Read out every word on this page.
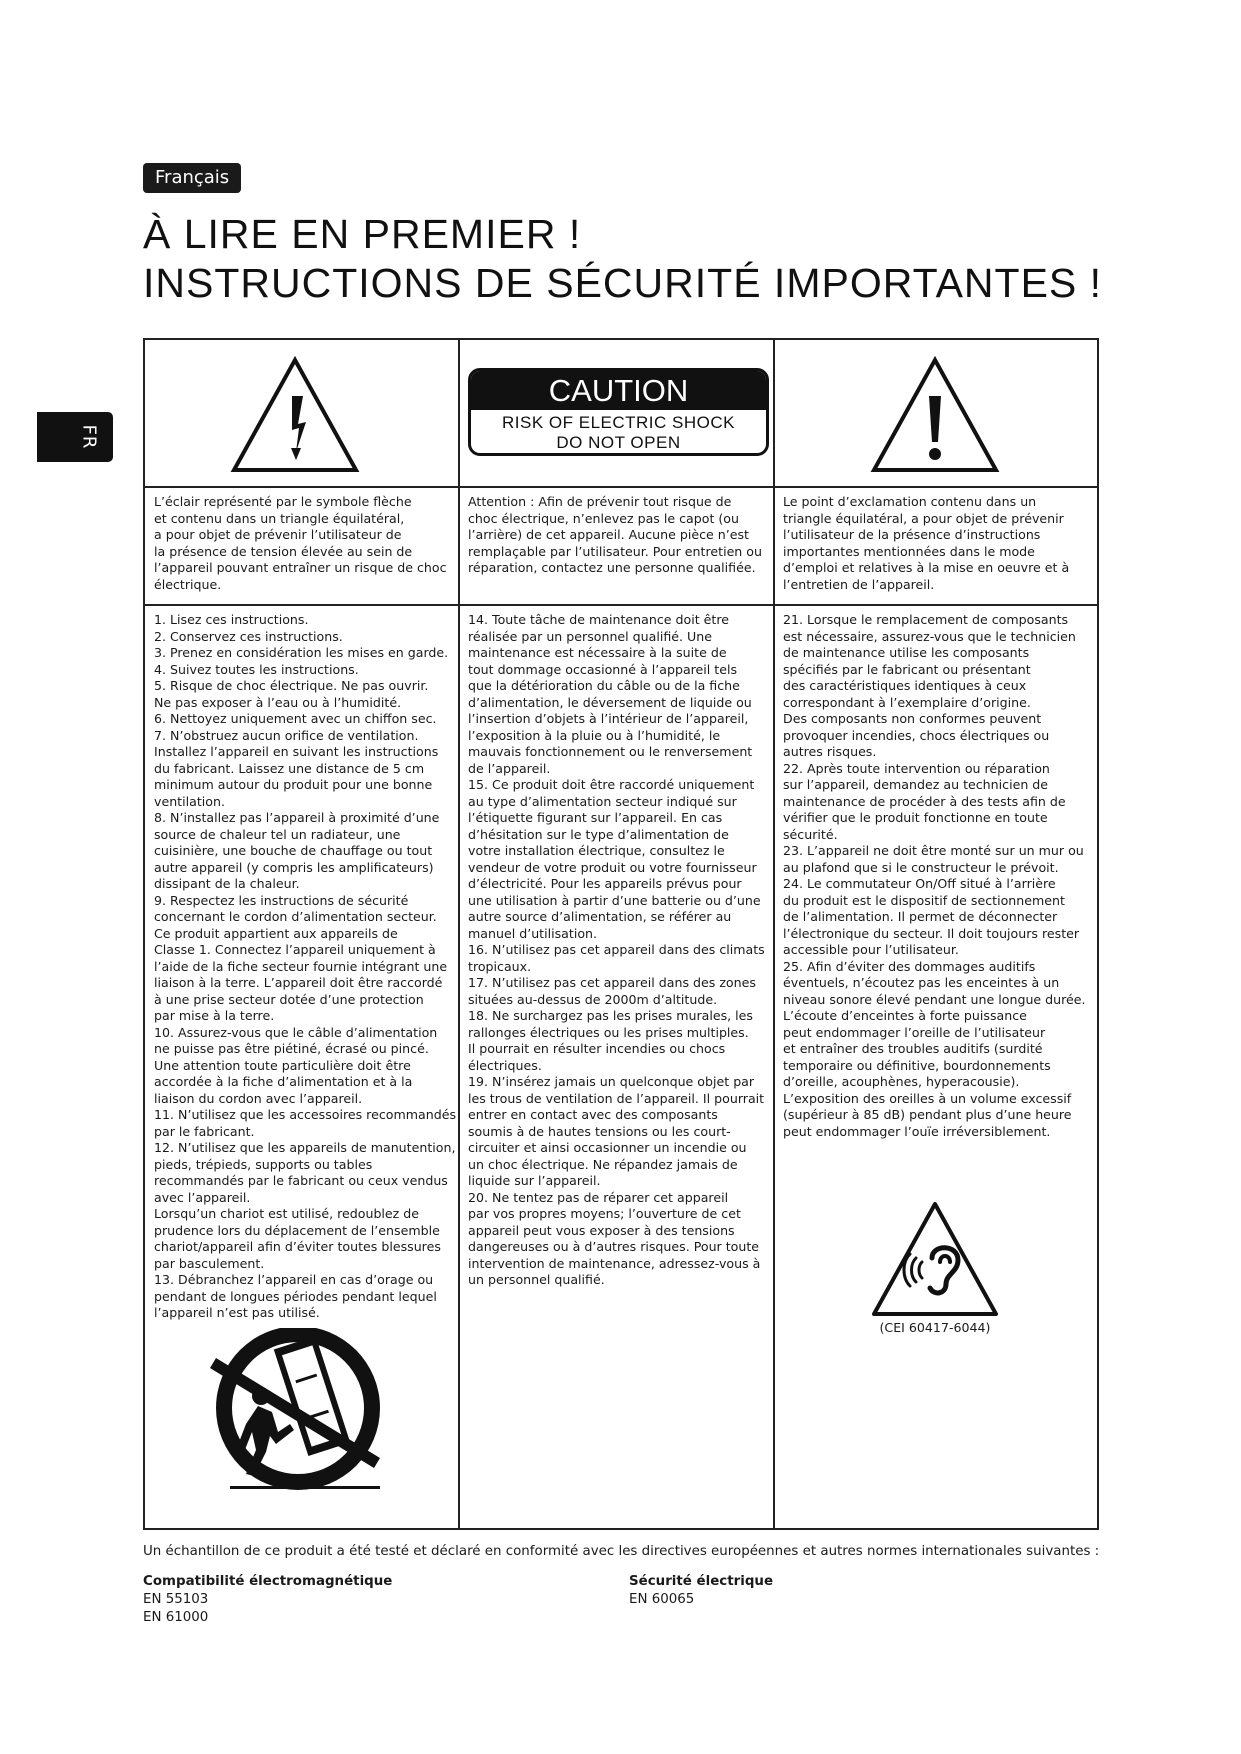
Français
À LIRE EN PREMIER !
INSTRUCTIONS DE SÉCURITÉ IMPORTANTES !
FR
CAUTION
RISK OF ELECTRIC SHOCK
DO NOT OPEN
L’éclair représenté par le symbole flèche
et contenu dans un triangle équilatéral,
a pour objet de prévenir l’utilisateur de
la présence de tension élevée au sein de
l’appareil pouvant entraîner un risque de choc
électrique.
Attention : Afin de prévenir tout risque de
choc électrique, n’enlevez pas le capot (ou
l’arrière) de cet appareil. Aucune pièce n’est
remplaçable par l’utilisateur. Pour entretien ou
réparation, contactez une personne qualifiée.
Le point d’exclamation contenu dans un
triangle équilatéral, a pour objet de prévenir
l’utilisateur de la présence d’instructions
importantes mentionnées dans le mode
d’emploi et relatives à la mise en oeuvre et à
l’entretien de l’appareil.
1. Lisez ces instructions.
2. Conservez ces instructions.
3. Prenez en considération les mises en garde.
4. Suivez toutes les instructions.
5. Risque de choc électrique. Ne pas ouvrir.
Ne pas exposer à l’eau ou à l’humidité.
6. Nettoyez uniquement avec un chiffon sec.
7. N’obstruez aucun orifice de ventilation.
Installez l’appareil en suivant les instructions
du fabricant. Laissez une distance de 5 cm
minimum autour du produit pour une bonne
ventilation.
8. N’installez pas l’appareil à proximité d’une
source de chaleur tel un radiateur, une
cuisinière, une bouche de chauffage ou tout
autre appareil (y compris les amplificateurs)
dissipant de la chaleur.
9. Respectez les instructions de sécurité
concernant le cordon d’alimentation secteur.
Ce produit appartient aux appareils de
Classe 1. Connectez l’appareil uniquement à
l’aide de la fiche secteur fournie intégrant une
liaison à la terre. L’appareil doit être raccordé
à une prise secteur dotée d’une protection
par mise à la terre.
10. Assurez-vous que le câble d’alimentation
ne puisse pas être piétiné, écrasé ou pincé.
Une attention toute particulière doit être
accordée à la fiche d’alimentation et à la
liaison du cordon avec l’appareil.
11. N’utilisez que les accessoires recommandés
par le fabricant.
12. N’utilisez que les appareils de manutention,
pieds, trépieds, supports ou tables
recommandés par le fabricant ou ceux vendus
avec l’appareil.
Lorsqu’un chariot est utilisé, redoublez de
prudence lors du déplacement de l’ensemble
chariot/appareil afin d’éviter toutes blessures
par basculement.
13. Débranchez l’appareil en cas d’orage ou
pendant de longues périodes pendant lequel
l’appareil n’est pas utilisé.
14. Toute tâche de maintenance doit être
réalisée par un personnel qualifié. Une
maintenance est nécessaire à la suite de
tout dommage occasionné à l’appareil tels
que la détérioration du câble ou de la fiche
d’alimentation, le déversement de liquide ou
l’insertion d’objets à l’intérieur de l’appareil,
l’exposition à la pluie ou à l’humidité, le
mauvais fonctionnement ou le renversement
de l’appareil.
15. Ce produit doit être raccordé uniquement
au type d’alimentation secteur indiqué sur
l’étiquette figurant sur l’appareil. En cas
d’hésitation sur le type d’alimentation de
votre installation électrique, consultez le
vendeur de votre produit ou votre fournisseur
d’électricité. Pour les appareils prévus pour
une utilisation à partir d’une batterie ou d’une
autre source d’alimentation, se référer au
manuel d’utilisation.
16. N’utilisez pas cet appareil dans des climats
tropicaux.
17. N’utilisez pas cet appareil dans des zones
situées au-dessus de 2000m d’altitude.
18. Ne surchargez pas les prises murales, les
rallonges électriques ou les prises multiples.
Il pourrait en résulter incendies ou chocs
électriques.
19. N’insérez jamais un quelconque objet par
les trous de ventilation de l’appareil. Il pourrait
entrer en contact avec des composants
soumis à de hautes tensions ou les court-
circuiter et ainsi occasionner un incendie ou
un choc électrique. Ne répandez jamais de
liquide sur l’appareil.
20. Ne tentez pas de réparer cet appareil
par vos propres moyens; l’ouverture de cet
appareil peut vous exposer à des tensions
dangereuses ou à d’autres risques. Pour toute
intervention de maintenance, adressez-vous à
un personnel qualifié.
21. Lorsque le remplacement de composants
est nécessaire, assurez-vous que le technicien
de maintenance utilise les composants
spécifiés par le fabricant ou présentant
des caractéristiques identiques à ceux
correspondant à l’exemplaire d’origine.
Des composants non conformes peuvent
provoquer incendies, chocs électriques ou
autres risques.
22. Après toute intervention ou réparation
sur l’appareil, demandez au technicien de
maintenance de procéder à des tests afin de
vérifier que le produit fonctionne en toute
sécurité.
23. L’appareil ne doit être monté sur un mur ou
au plafond que si le constructeur le prévoit.
24. Le commutateur On/Off situé à l’arrière
du produit est le dispositif de sectionnement
de l’alimentation. Il permet de déconnecter
l’électronique du secteur. Il doit toujours rester
accessible pour l’utilisateur.
25. Afin d’éviter des dommages auditifs
éventuels, n’écoutez pas les enceintes à un
niveau sonore élevé pendant une longue durée.
L’écoute d’enceintes à forte puissance
peut endommager l’oreille de l’utilisateur
et entraîner des troubles auditifs (surdité
temporaire ou définitive, bourdonnements
d’oreille, acouphènes, hyperacousie).
L’exposition des oreilles à un volume excessif
(supérieur à 85 dB) pendant plus d’une heure
peut endommager l’ouïe irréversiblement.
(CEI 60417-6044)
Un échantillon de ce produit a été testé et déclaré en conformité avec les directives européennes et autres normes internationales suivantes :
Compatibilité électromagnétique
EN 55103
EN 61000
Sécurité électrique
EN 60065
